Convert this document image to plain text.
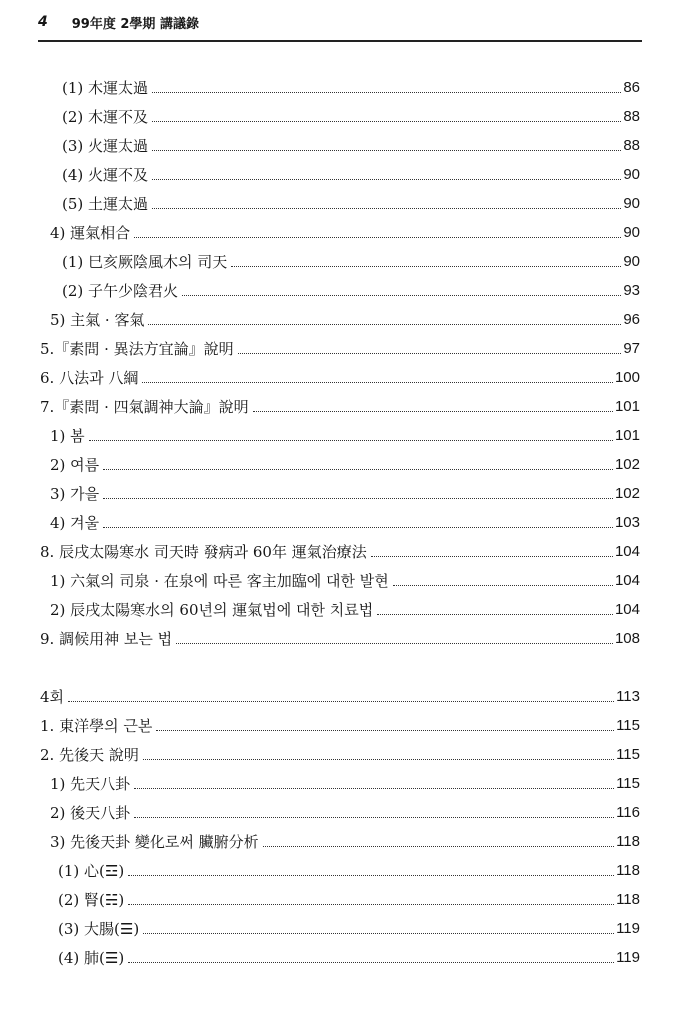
4 99年度 2學期 講議錄
(1) 木運太過	86
(2) 木運不及	88
(3) 火運太過	88
(4) 火運不及	90
(5) 土運太過	90
4) 運氣相合	90
(1) 巳亥厥陰風木의 司天	90
(2) 子午少陰君火	93
5) 主氣 · 客氣	96
5.『素問 · 異法方宜論』說明	97
6. 八法과 八綱	100
7.『素問 · 四氣調神大論』說明	101
1) 봄	101
2) 여름	102
3) 가을	102
4) 겨울	103
8. 辰戌太陽寒水 司天時 發病과 60年 運氣治療法	104
1) 六氣의 司泉 · 在泉에 따른 客主加臨에 대한 발현	104
2) 辰戌太陽寒水의 60년의 運氣법에 대한 치료법	104
9. 調候用神 보는 법	108
4회	113
1. 東洋學의 근본	115
2. 先後天 說明	115
1) 先天八卦	115
2) 後天八卦	116
3) 先後天卦 變化로써 臟腑分析	118
(1) 心(☲)	118
(2) 腎(☵)	118
(3) 大腸(☰)	119
(4) 肺(☰)	119
